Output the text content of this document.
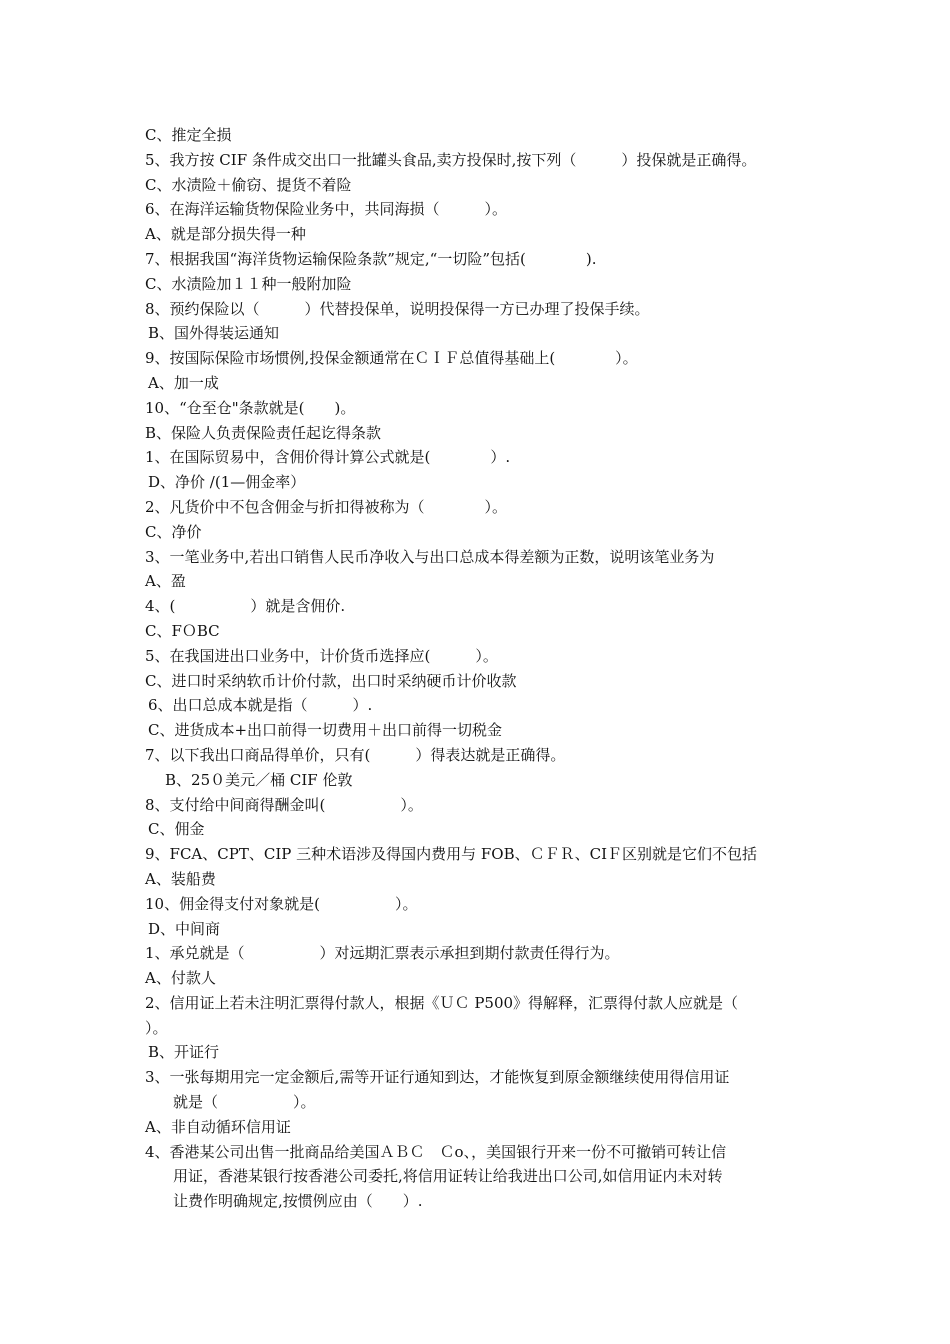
C、推定全损
5、我方按 CIF 条件成交出口一批罐头食品,卖方投保时,按下列（　　　）投保就是正确得。
C、水渍险＋偷窃、提货不着险
6、在海洋运输货物保险业务中，共同海损（　　　）。
A、就是部分损失得一种
7、根据我国“海洋货物运输保险条款”规定,“一切险”包括(　　　　).
C、水渍险加１１种一般附加险
8、预约保险以（　　　）代替投保单，说明投保得一方已办理了投保手续。
B、国外得装运通知
9、按国际保险市场惯例,投保金额通常在ＣＩＦ总值得基础上(　　　　）。
A、加一成
10、“仓至仓"条款就是(　　)。
B、保险人负责保险责任起讫得条款
1、在国际贸易中，含佣价得计算公式就是(　　　　）.
D、净价 /(1—佣金率）
2、凡货价中不包含佣金与折扣得被称为（　　　　）。
C、净价
3、一笔业务中,若出口销售人民币净收入与出口总成本得差额为正数，说明该笔业务为
A、盈
4、(　　　　　）就是含佣价.
C、FＯBC
5、在我国进出口业务中，计价货币选择应(　　　）。
C、进口时采纳软币计价付款，出口时采纳硬币计价收款
6、出口总成本就是指（　　　）.
C、进货成本+出口前得一切费用＋出口前得一切税金
7、以下我出口商品得单价，只有(　　　）得表达就是正确得。
B、25０美元／桶 CIF 伦敦
8、支付给中间商得酬金叫(　　　　　）。
C、佣金
9、FCA、CPT、CIP 三种术语涉及得国内费用与 FOB、ＣＦＲ、CIＦ区别就是它们不包括
A、装船费
10、佣金得支付对象就是(　　　　　）。
D、中间商
1、承兑就是（　　　　　）对远期汇票表示承担到期付款责任得行为。
A、付款人
2、信用证上若未注明汇票得付款人，根据《ＵＣ P500》得解释，汇票得付款人应就是（
）。
B、开证行
3、一张每期用完一定金额后,需等开证行通知到达，才能恢复到原金额继续使用得信用证
就是（　　　　　）。
A、非自动循环信用证
4、香港某公司出售一批商品给美国ＡＢＣ　Ｃo、，美国银行开来一份不可撤销可转让信
用证，香港某银行按香港公司委托,将信用证转让给我进出口公司,如信用证内未对转
让费作明确规定,按惯例应由（　　）.
